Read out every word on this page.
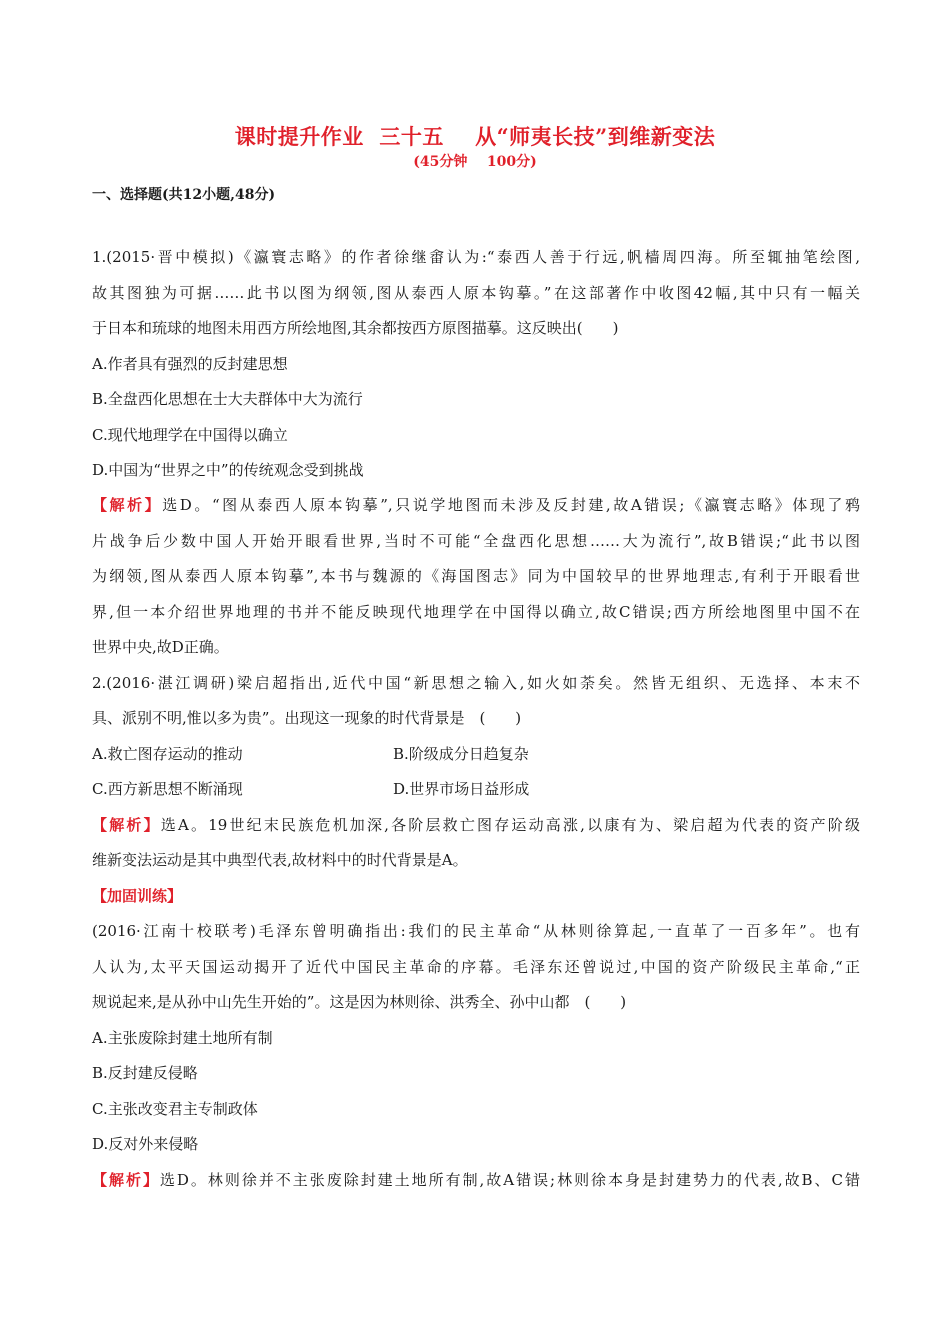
课时提升作业  三十五    从“师夷长技”到维新变法
(45分钟    100分)
一、选择题(共12小题,48分)
1.(2015·晋中模拟)《瀛寰志略》的作者徐继畬认为:“泰西人善于行远,帆樯周四海。所至辄抽笔绘图,
故其图独为可据……此书以图为纲领,图从泰西人原本钩摹。”在这部著作中收图42幅,其中只有一幅关
于日本和琉球的地图未用西方所绘地图,其余都按西方原图描摹。这反映出(　　)
A.作者具有强烈的反封建思想
B.全盘西化思想在士大夫群体中大为流行
C.现代地理学在中国得以确立
D.中国为“世界之中”的传统观念受到挑战
【解析】选D。“图从泰西人原本钩摹”,只说学地图而未涉及反封建,故A错误;《瀛寰志略》体现了鸦
片战争后少数中国人开始开眼看世界,当时不可能“全盘西化思想……大为流行”,故B错误;“此书以图
为纲领,图从泰西人原本钩摹”,本书与魏源的《海国图志》同为中国较早的世界地理志,有利于开眼看世
界,但一本介绍世界地理的书并不能反映现代地理学在中国得以确立,故C错误;西方所绘地图里中国不在
世界中央,故D正确。
2.(2016·湛江调研)梁启超指出,近代中国“新思想之输入,如火如荼矣。然皆无组织、无选择、本末不
具、派别不明,惟以多为贵”。出现这一现象的时代背景是　(　　)
A.救亡图存运动的推动	B.阶级成分日趋复杂
C.西方新思想不断涌现	D.世界市场日益形成
【解析】选A。19世纪末民族危机加深,各阶层救亡图存运动高涨,以康有为、梁启超为代表的资产阶级
维新变法运动是其中典型代表,故材料中的时代背景是A。
【加固训练】
(2016·江南十校联考)毛泽东曾明确指出:我们的民主革命“从林则徐算起,一直革了一百多年”。也有
人认为,太平天国运动揭开了近代中国民主革命的序幕。毛泽东还曾说过,中国的资产阶级民主革命,“正
规说起来,是从孙中山先生开始的”。这是因为林则徐、洪秀全、孙中山都　(　　)
A.主张废除封建土地所有制
B.反封建反侵略
C.主张改变君主专制政体
D.反对外来侵略
【解析】选D。林则徐并不主张废除封建土地所有制,故A错误;林则徐本身是封建势力的代表,故B、C错
